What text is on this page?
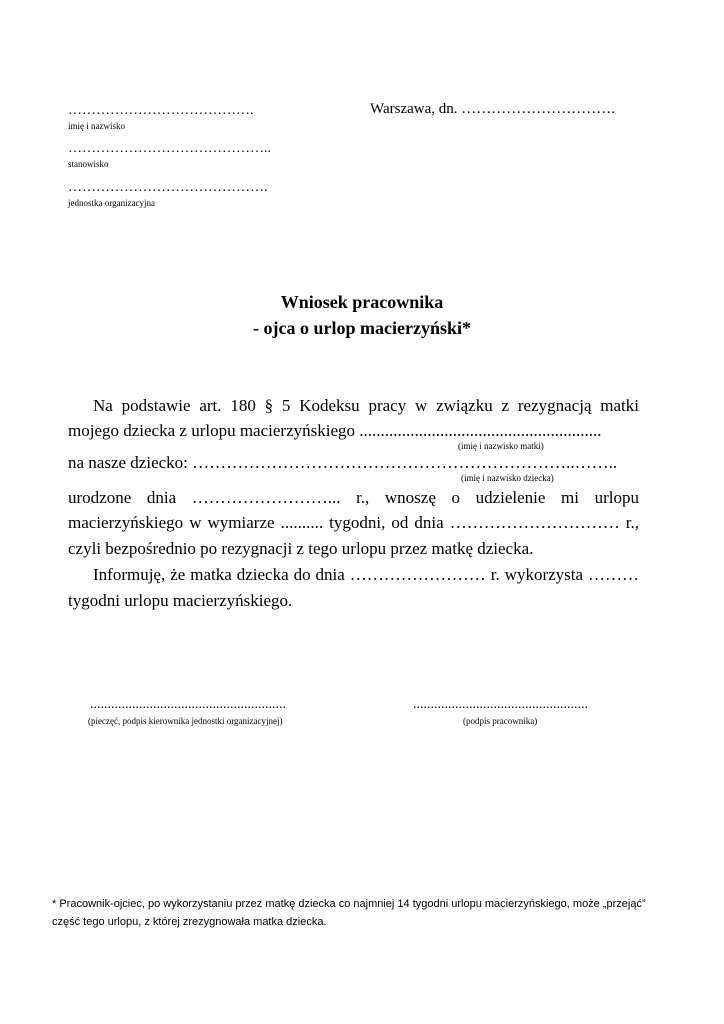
………………………………….
imię i nazwisko
……………………………………..
stanowisko
…………………………………….
jednostka organizacyjna
Warszawa, dn. ………………………….
Wniosek pracownika
- ojca o urlop macierzyński*
Na podstawie art. 180 § 5 Kodeksu pracy w związku z rezygnacją matki
mojego dziecka z urlopu macierzyńskiego .........................................................
(imię i nazwisko matki)
na nasze dziecko: …………………………………………………………..……..
(imię i nazwisko dziecka)
urodzone dnia ……………………... r., wnoszę o udzielenie mi urlopu
macierzyńskiego w wymiarze .......... tygodni, od dnia ………………………… r.,
czyli bezpośrednio po rezygnacji z tego urlopu przez matkę dziecka.
Informuję, że matka dziecka do dnia …………………… r. wykorzysta ………
tygodni urlopu macierzyńskiego.
........................................................
(pieczęć, podpis kierownika jednostki organizacyjnej)
..................................................
(podpis pracownika)
* Pracownik-ojciec, po wykorzystaniu przez matkę dziecka co najmniej 14 tygodni urlopu macierzyńskiego, może „przejąć”
część tego urlopu, z której zrezygnowała matka dziecka.
